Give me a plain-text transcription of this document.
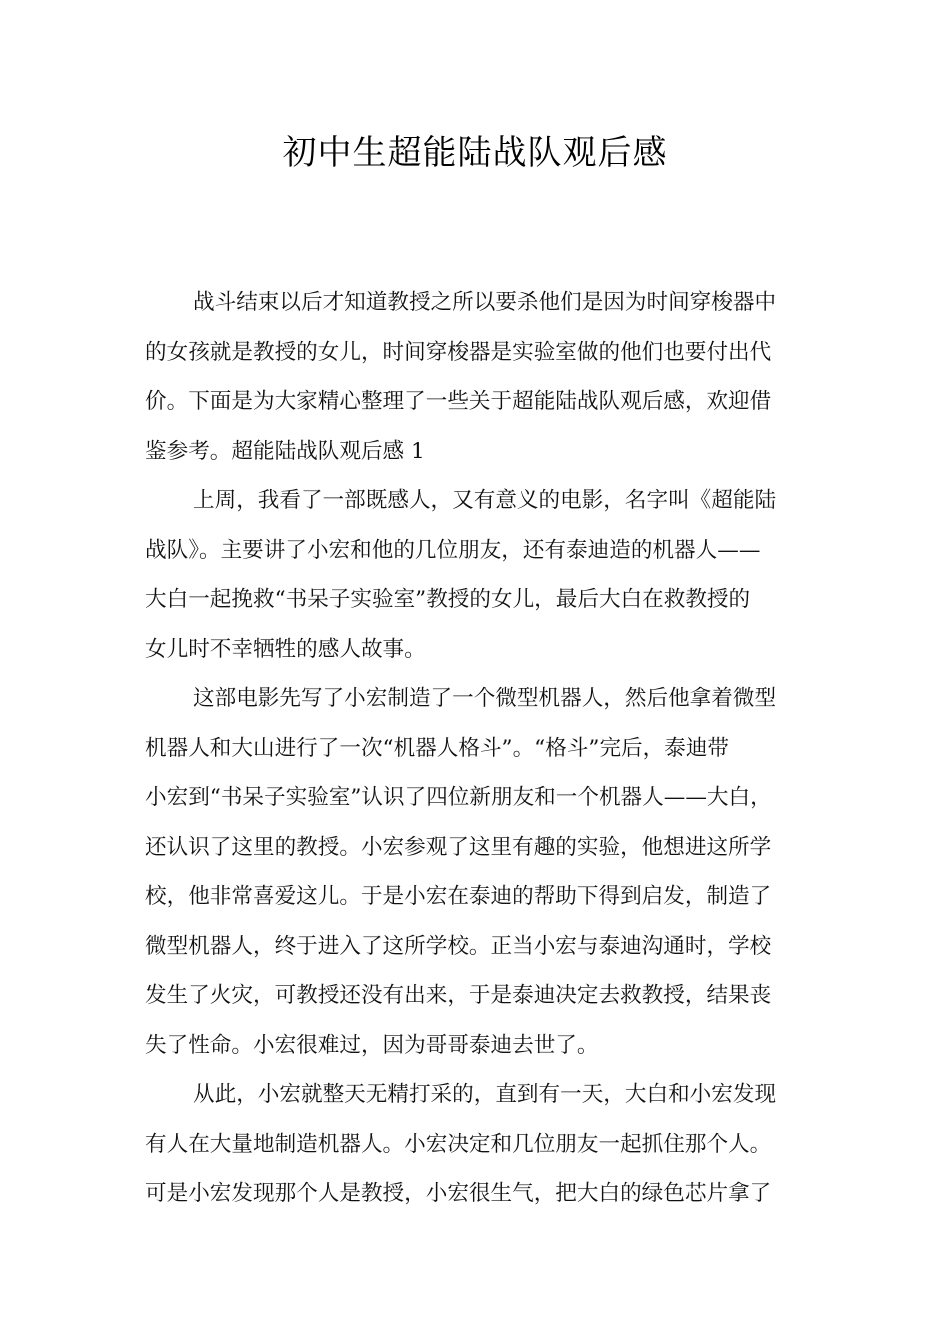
初中生超能陆战队观后感
战斗结束以后才知道教授之所以要杀他们是因为时间穿梭器中
的女孩就是教授的女儿，时间穿梭器是实验室做的他们也要付出代
价。下面是为大家精心整理了一些关于超能陆战队观后感，欢迎借
鉴参考。超能陆战队观后感 1
上周，我看了一部既感人，又有意义的电影，名字叫《超能陆
战队》。主要讲了小宏和他的几位朋友，还有泰迪造的机器人——
大白一起挽救“书呆子实验室”教授的女儿，最后大白在救教授的
女儿时不幸牺牲的感人故事。
这部电影先写了小宏制造了一个微型机器人，然后他拿着微型
机器人和大山进行了一次“机器人格斗”。“格斗”完后，泰迪带
小宏到“书呆子实验室”认识了四位新朋友和一个机器人——大白，
还认识了这里的教授。小宏参观了这里有趣的实验，他想进这所学
校，他非常喜爱这儿。于是小宏在泰迪的帮助下得到启发，制造了
微型机器人，终于进入了这所学校。正当小宏与泰迪沟通时，学校
发生了火灾，可教授还没有出来，于是泰迪决定去救教授，结果丧
失了性命。小宏很难过，因为哥哥泰迪去世了。
从此，小宏就整天无精打采的，直到有一天，大白和小宏发现
有人在大量地制造机器人。小宏决定和几位朋友一起抓住那个人。
可是小宏发现那个人是教授，小宏很生气，把大白的绿色芯片拿了
